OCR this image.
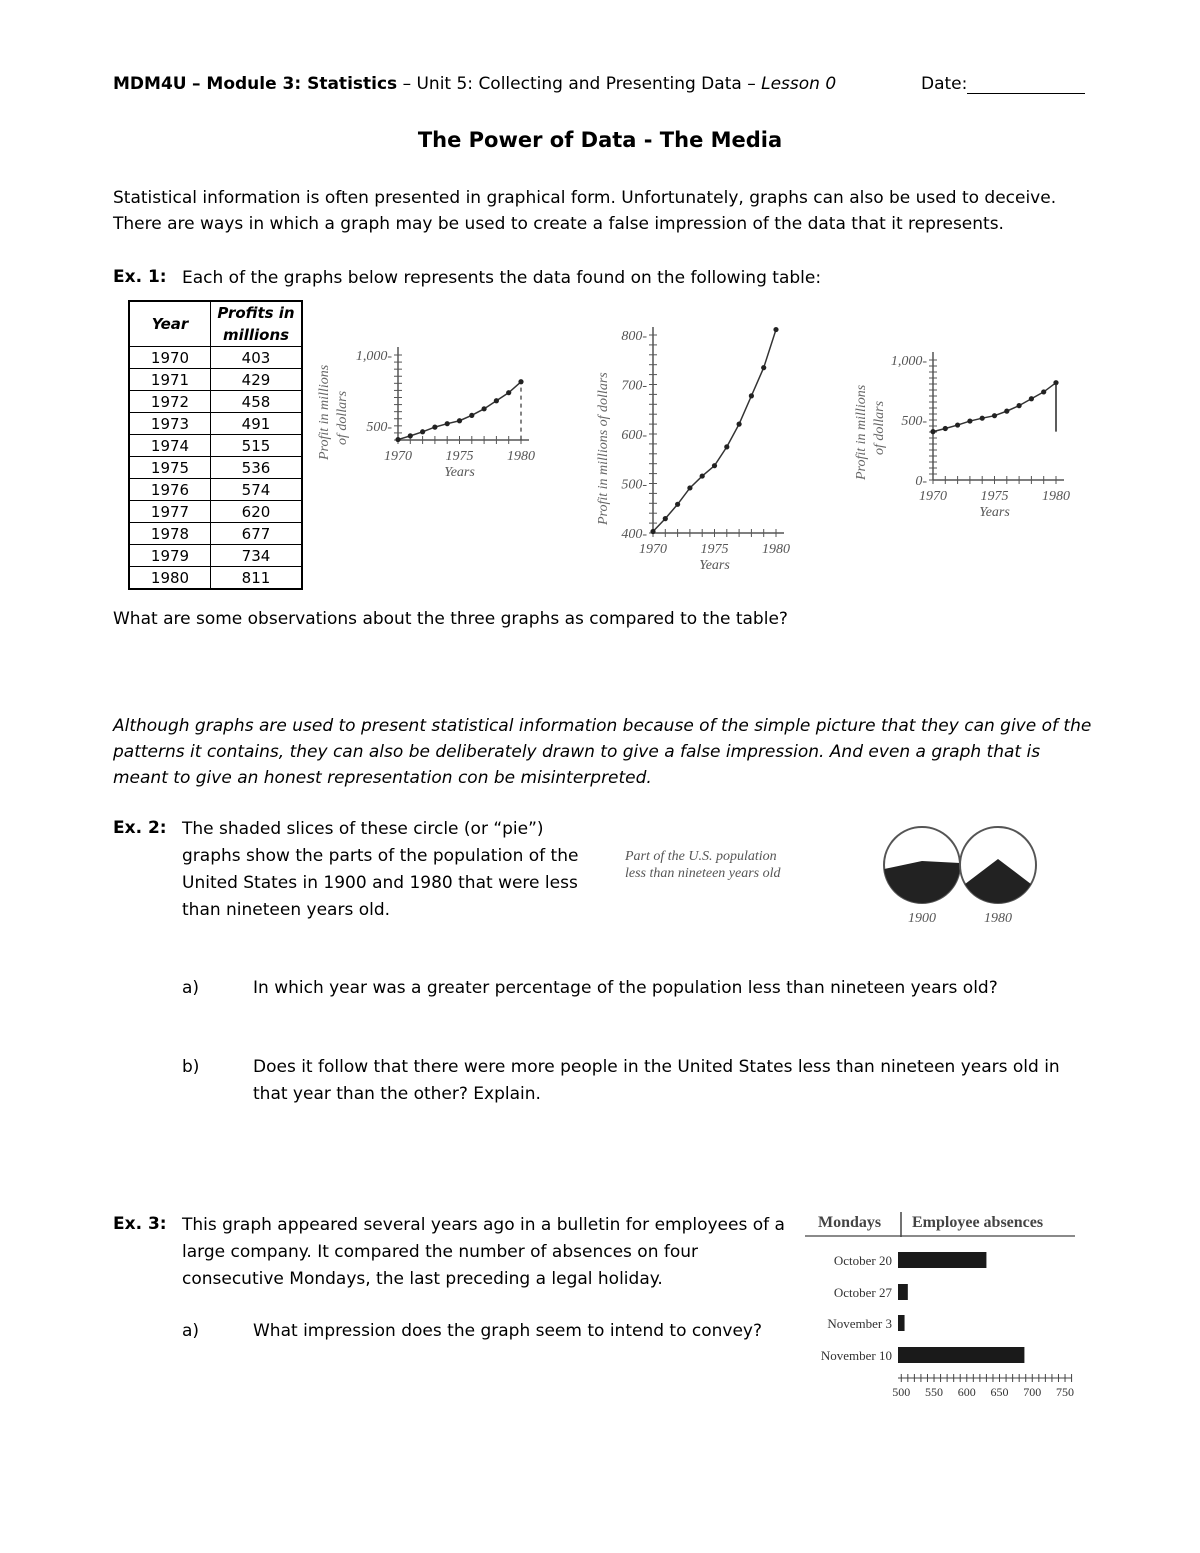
MDM4U – Module 3: Statistics – Unit 5: Collecting and Presenting Data – Lesson 0	Date:
The Power of Data - The Media
Statistical information is often presented in graphical form. Unfortunately, graphs can also be used to deceive. There are ways in which a graph may be used to create a false impression of the data that it represents.
Ex. 1: Each of the graphs below represents the data found on the following table:
Year	Profits in
millions
1970	403
1971	429
1972	458
1973	491
1974	515
1975	536
1976	574
1977	620
1978	677
1979	734
1980	811
500-
1,000-
1970 1975 1980
Years
Profit in millions of dollars
400-
500-
600-
700-
800-
1970 1975 1980
Years
Profit in millions of dollars	0-
500-
1,000-
1970 1975 1980
Years
Profit in millions of dollars
What are some observations about the three graphs as compared to the table?
Although graphs are used to present statistical information because of the simple picture that they can give of the patterns it contains, they can also be deliberately drawn to give a false impression. And even a graph that is meant to give an honest representation con be misinterpreted.
Ex. 2: The shaded slices of these circle (or “pie”) graphs show the parts of the population of the United States in 1900 and 1980 that were less than nineteen years old.
Part of the U.S. population
less than nineteen years old
1900	1980
a)	In which year was a greater percentage of the population less than nineteen years old?
b)	Does it follow that there were more people in the United States less than nineteen years old in that year than the other? Explain.
Ex. 3: This graph appeared several years ago in a bulletin for employees of a large company. It compared the number of absences on four consecutive Mondays, the last preceding a legal holiday.
a)	What impression does the graph seem to intend to convey?
Mondays Employee absences
October 20
October 27
November 3
November 10
500 550 600 650 700 750
